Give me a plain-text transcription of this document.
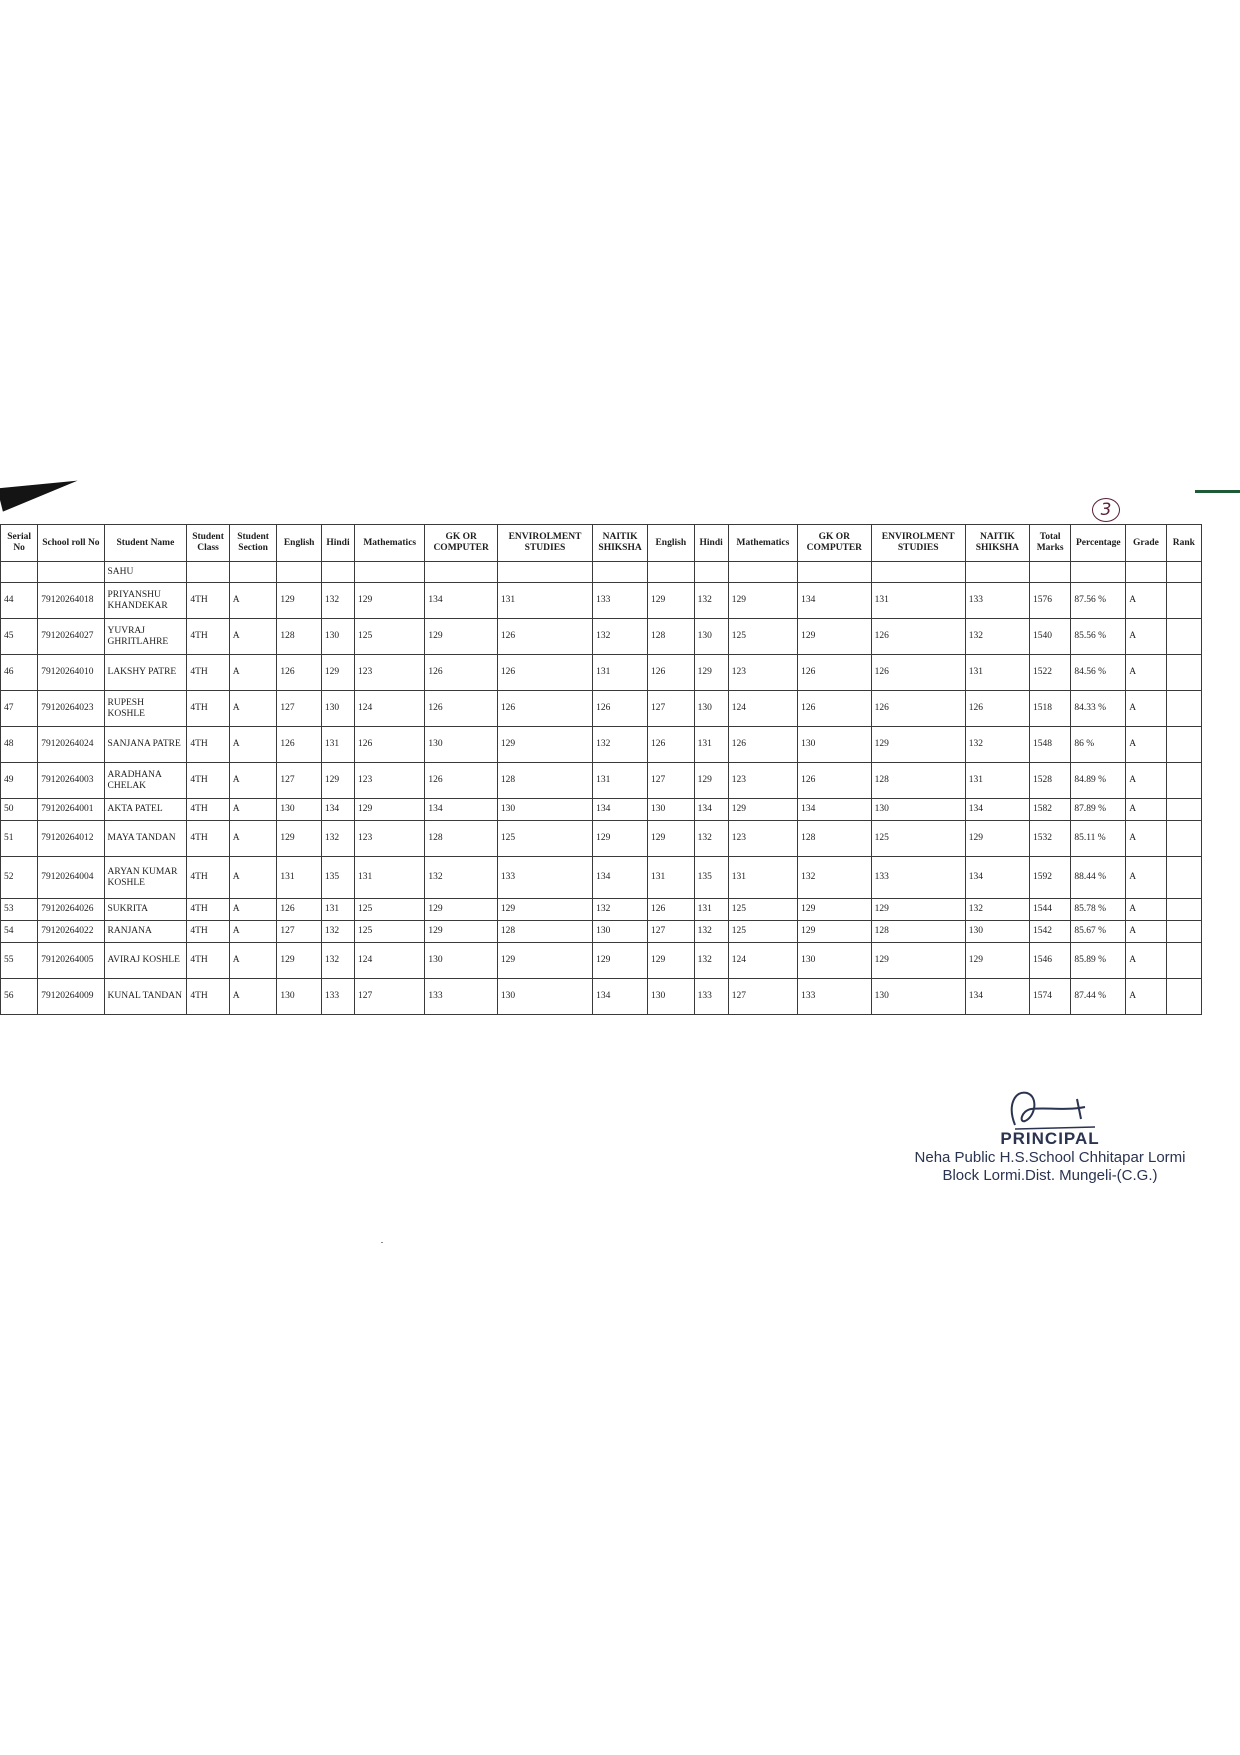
3
Serial No	School roll No	Student Name	Student Class	Student Section	English	Hindi	Mathematics	GK OR COMPUTER	ENVIROLMENT STUDIES	NAITIK SHIKSHA	English	Hindi	Mathematics	GK OR COMPUTER	ENVIROLMENT STUDIES	NAITIK SHIKSHA	Total Marks	Percentage	Grade	Rank
		SAHU																		
44	79120264018	PRIYANSHU KHANDEKAR	4TH	A	129	132	129	134	131	133	129	132	129	134	131	133	1576	87.56 %	A	
45	79120264027	YUVRAJ GHRITLAHRE	4TH	A	128	130	125	129	126	132	128	130	125	129	126	132	1540	85.56 %	A	
46	79120264010	LAKSHY PATRE	4TH	A	126	129	123	126	126	131	126	129	123	126	126	131	1522	84.56 %	A	
47	79120264023	RUPESH KOSHLE	4TH	A	127	130	124	126	126	126	127	130	124	126	126	126	1518	84.33 %	A	
48	79120264024	SANJANA PATRE	4TH	A	126	131	126	130	129	132	126	131	126	130	129	132	1548	86 %	A	
49	79120264003	ARADHANA CHELAK	4TH	A	127	129	123	126	128	131	127	129	123	126	128	131	1528	84.89 %	A	
50	79120264001	AKTA PATEL	4TH	A	130	134	129	134	130	134	130	134	129	134	130	134	1582	87.89 %	A	
51	79120264012	MAYA TANDAN	4TH	A	129	132	123	128	125	129	129	132	123	128	125	129	1532	85.11 %	A	
52	79120264004	ARYAN KUMAR KOSHLE	4TH	A	131	135	131	132	133	134	131	135	131	132	133	134	1592	88.44 %	A	
53	79120264026	SUKRITA	4TH	A	126	131	125	129	129	132	126	131	125	129	129	132	1544	85.78 %	A	
54	79120264022	RANJANA	4TH	A	127	132	125	129	128	130	127	132	125	129	128	130	1542	85.67 %	A	
55	79120264005	AVIRAJ KOSHLE	4TH	A	129	132	124	130	129	129	129	132	124	130	129	129	1546	85.89 %	A	
56	79120264009	KUNAL TANDAN	4TH	A	130	133	127	133	130	134	130	133	127	133	130	134	1574	87.44 %	A	
PRINCIPAL
Neha Public H.S.School Chhitapar Lormi
Block Lormi.Dist. Mungeli-(C.G.)
